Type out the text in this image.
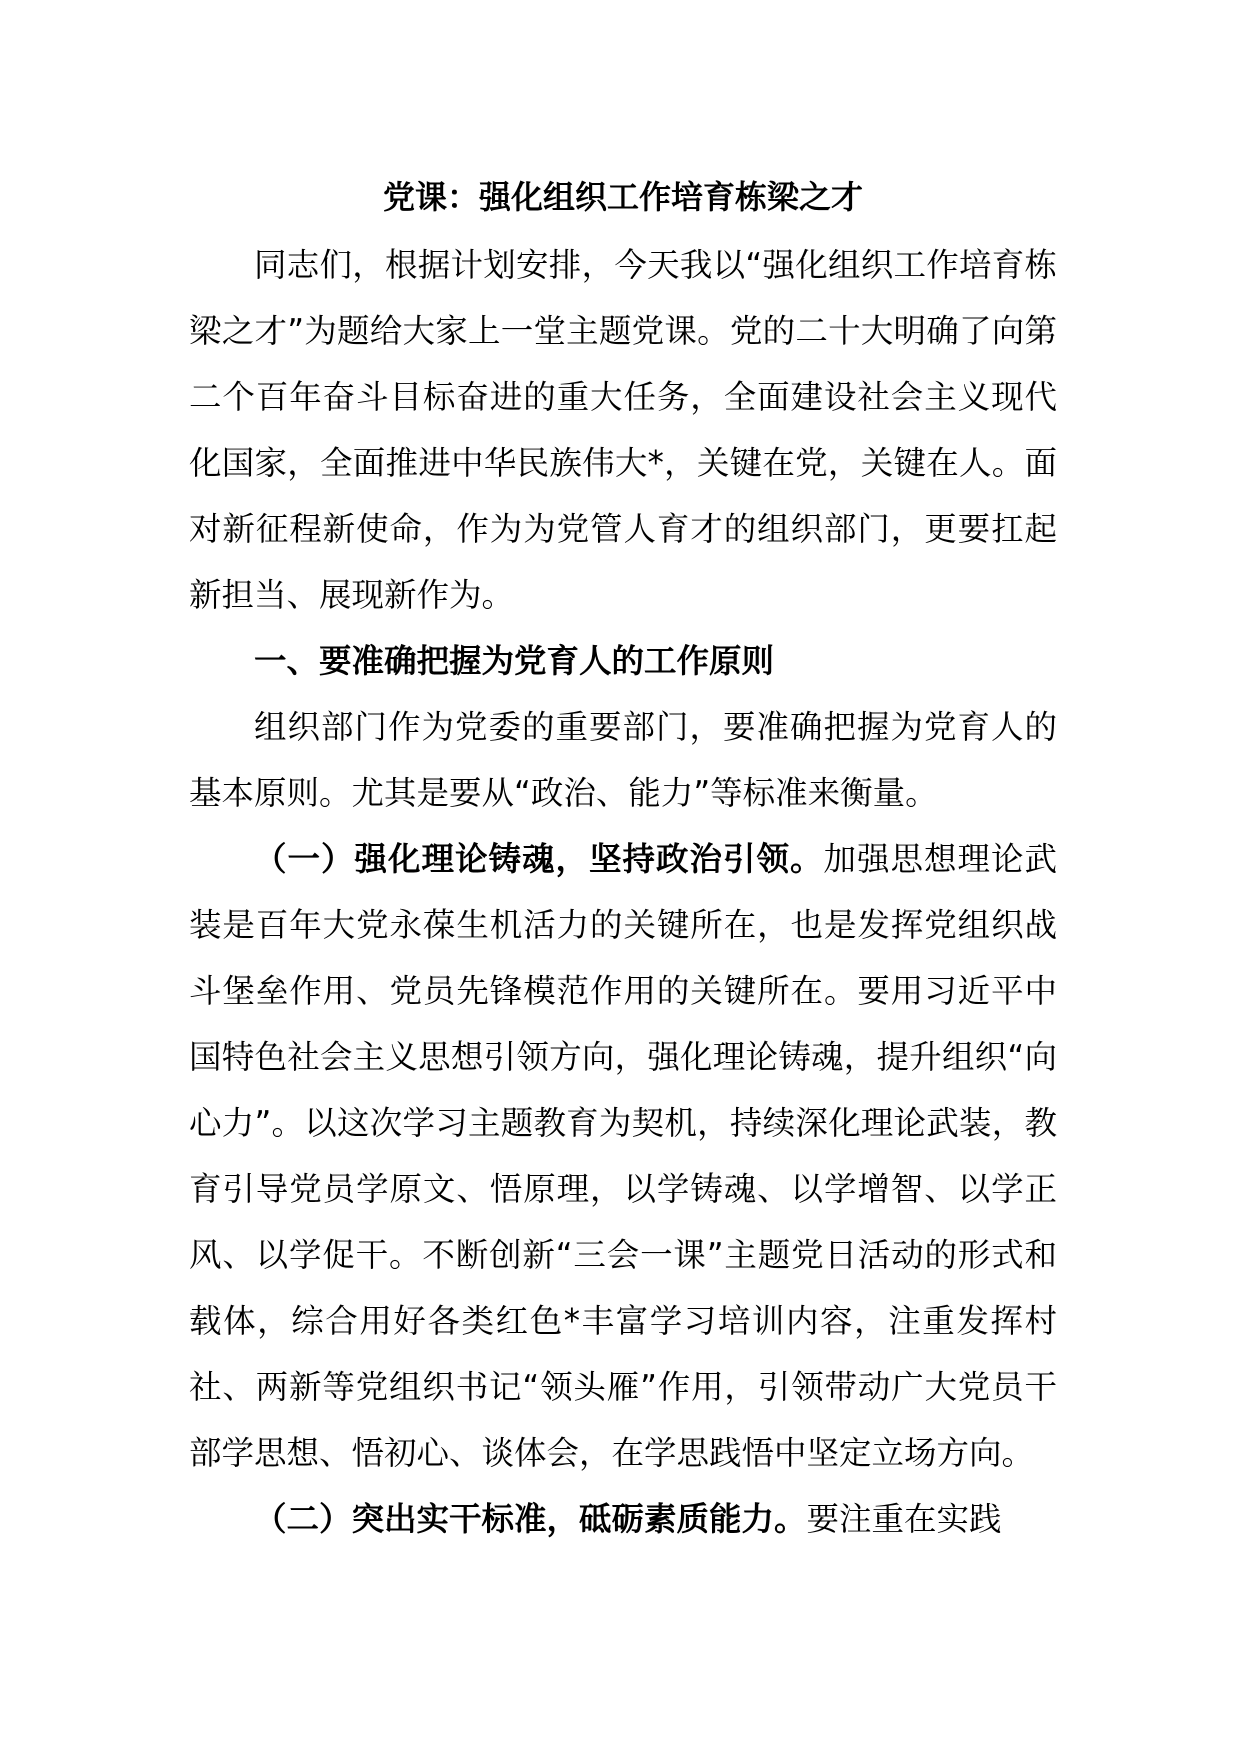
党课：强化组织工作培育栋梁之才

同志们，根据计划安排，今天我以“强化组织工作培育栋梁之才”为题给大家上一堂主题党课。党的二十大明确了向第二个百年奋斗目标奋进的重大任务，全面建设社会主义现代化国家，全面推进中华民族伟大*，关键在党，关键在人。面对新征程新使命，作为为党管人育才的组织部门，更要扛起新担当、展现新作为。

一、要准确把握为党育人的工作原则

组织部门作为党委的重要部门，要准确把握为党育人的基本原则。尤其是要从“政治、能力”等标准来衡量。

（一）强化理论铸魂，坚持政治引领。加强思想理论武装是百年大党永葆生机活力的关键所在，也是发挥党组织战斗堡垒作用、党员先锋模范作用的关键所在。要用习近平中国特色社会主义思想引领方向，强化理论铸魂，提升组织“向心力”。以这次学习主题教育为契机，持续深化理论武装，教育引导党员学原文、悟原理，以学铸魂、以学增智、以学正风、以学促干。不断创新“三会一课”主题党日活动的形式和载体，综合用好各类红色*丰富学习培训内容，注重发挥村社、两新等党组织书记“领头雁”作用，引领带动广大党员干部学思想、悟初心、谈体会，在学思践悟中坚定立场方向。

（二）突出实干标准，砥砺素质能力。要注重在实践
